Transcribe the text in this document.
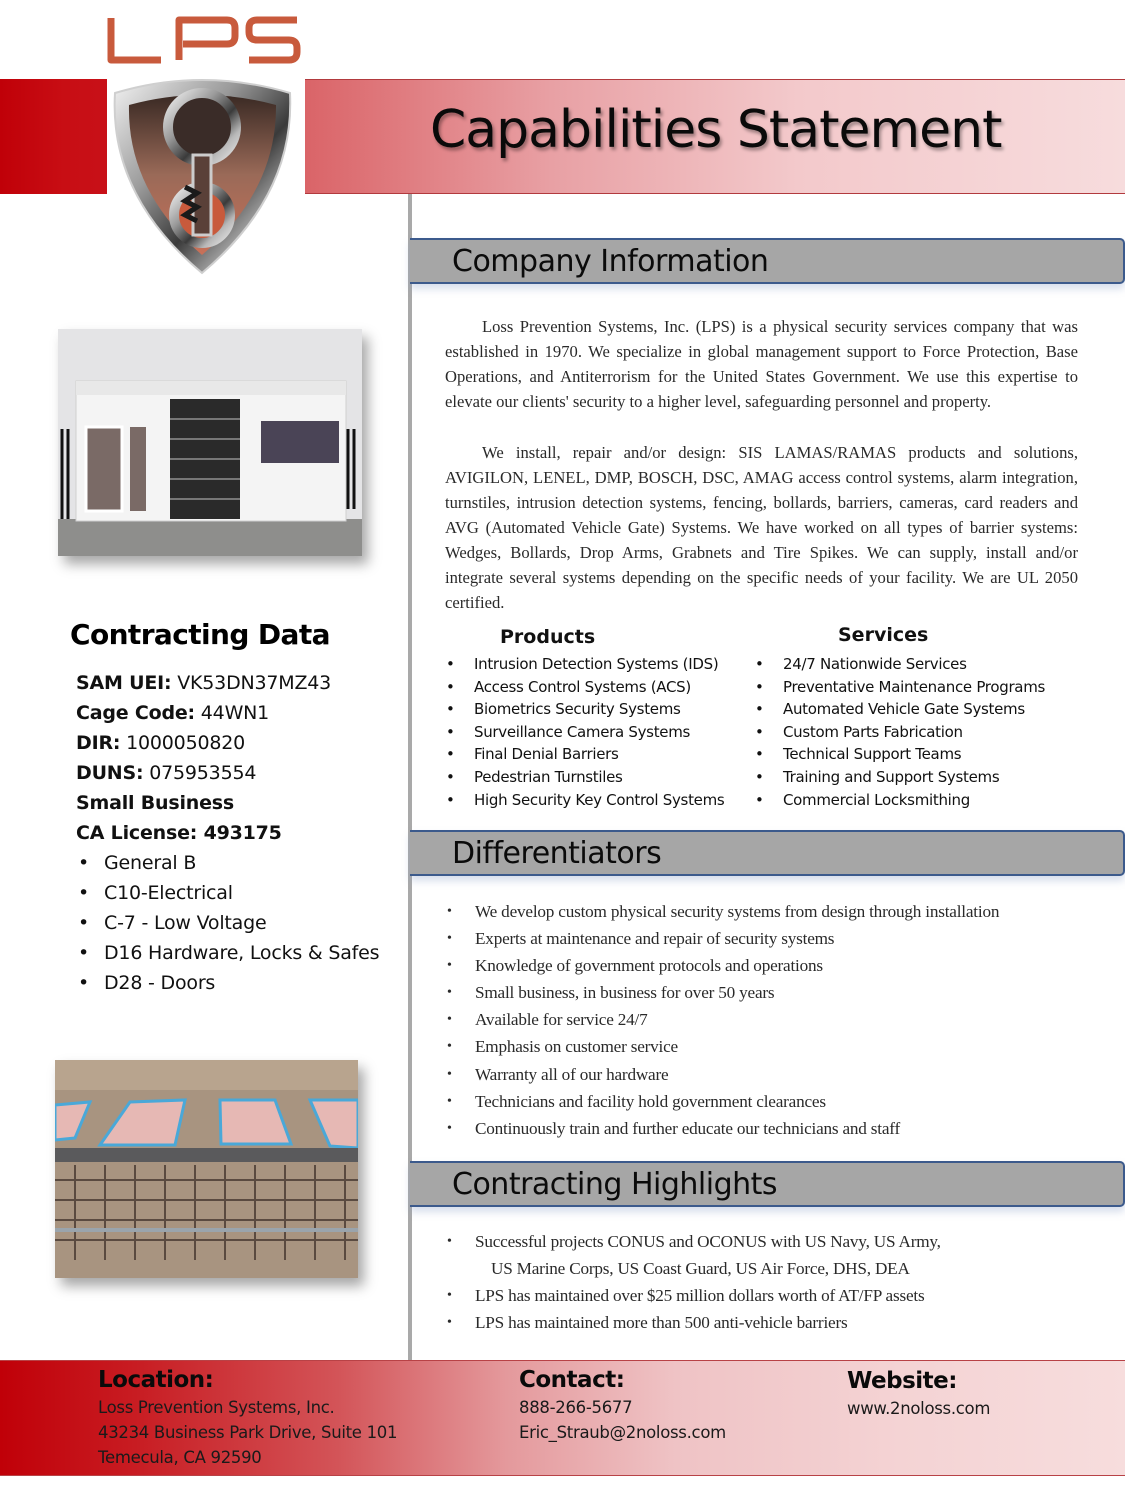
Capabilities Statement
Company Information

Loss Prevention Systems, Inc. (LPS) is a physical security services company that was established in 1970. We specialize in global management support to Force Protection, Base Operations, and Antiterrorism for the United States Government. We use this expertise to elevate our clients' security to a higher level, safeguarding personnel and property.

We install, repair and/or design: SIS LAMAS/RAMAS products and solutions, AVIGILON, LENEL, DMP, BOSCH, DSC, AMAG access control systems, alarm integration, turnstiles, intrusion detection systems, fencing, bollards, barriers, cameras, card readers and AVG (Automated Vehicle Gate) Systems. We have worked on all types of barrier systems: Wedges, Bollards, Drop Arms, Grabnets and Tire Spikes. We can supply, install and/or integrate several systems depending on the specific needs of your facility. We are UL 2050 certified.

Products
• Intrusion Detection Systems (IDS)
• Access Control Systems (ACS)
• Biometrics Security Systems
• Surveillance Camera Systems
• Final Denial Barriers
• Pedestrian Turnstiles
• High Security Key Control Systems
Services
• 24/7 Nationwide Services
• Preventative Maintenance Programs
• Automated Vehicle Gate Systems
• Custom Parts Fabrication
• Technical Support Teams
• Training and Support Systems
• Commercial Locksmithing
Differentiators
• We develop custom physical security systems from design through installation
• Experts at maintenance and repair of security systems
• Knowledge of government protocols and operations
• Small business, in business for over 50 years
• Available for service 24/7
• Emphasis on customer service
• Warranty all of our hardware
• Technicians and facility hold government clearances
• Continuously train and further educate our technicians and staff
Contracting Highlights
• Successful projects CONUS and OCONUS with US Navy, US Army,
US Marine Corps, US Coast Guard, US Air Force, DHS, DEA
• LPS has maintained over $25 million dollars worth of AT/FP assets
• LPS has maintained more than 500 anti-vehicle barriers
Contracting Data
SAM UEI: VK53DN37MZ43
Cage Code: 44WN1
DIR: 1000050820
DUNS: 075953554
Small Business
CA License: 493175
• General B
• C10-Electrical
• C-7 - Low Voltage
• D16 Hardware, Locks & Safes
• D28 - Doors
Location:
Loss Prevention Systems, Inc.
43234 Business Park Drive, Suite 101
Temecula, CA 92590
Contact:
888-266-5677
Eric_Straub@2noloss.com
Website:
www.2noloss.com
